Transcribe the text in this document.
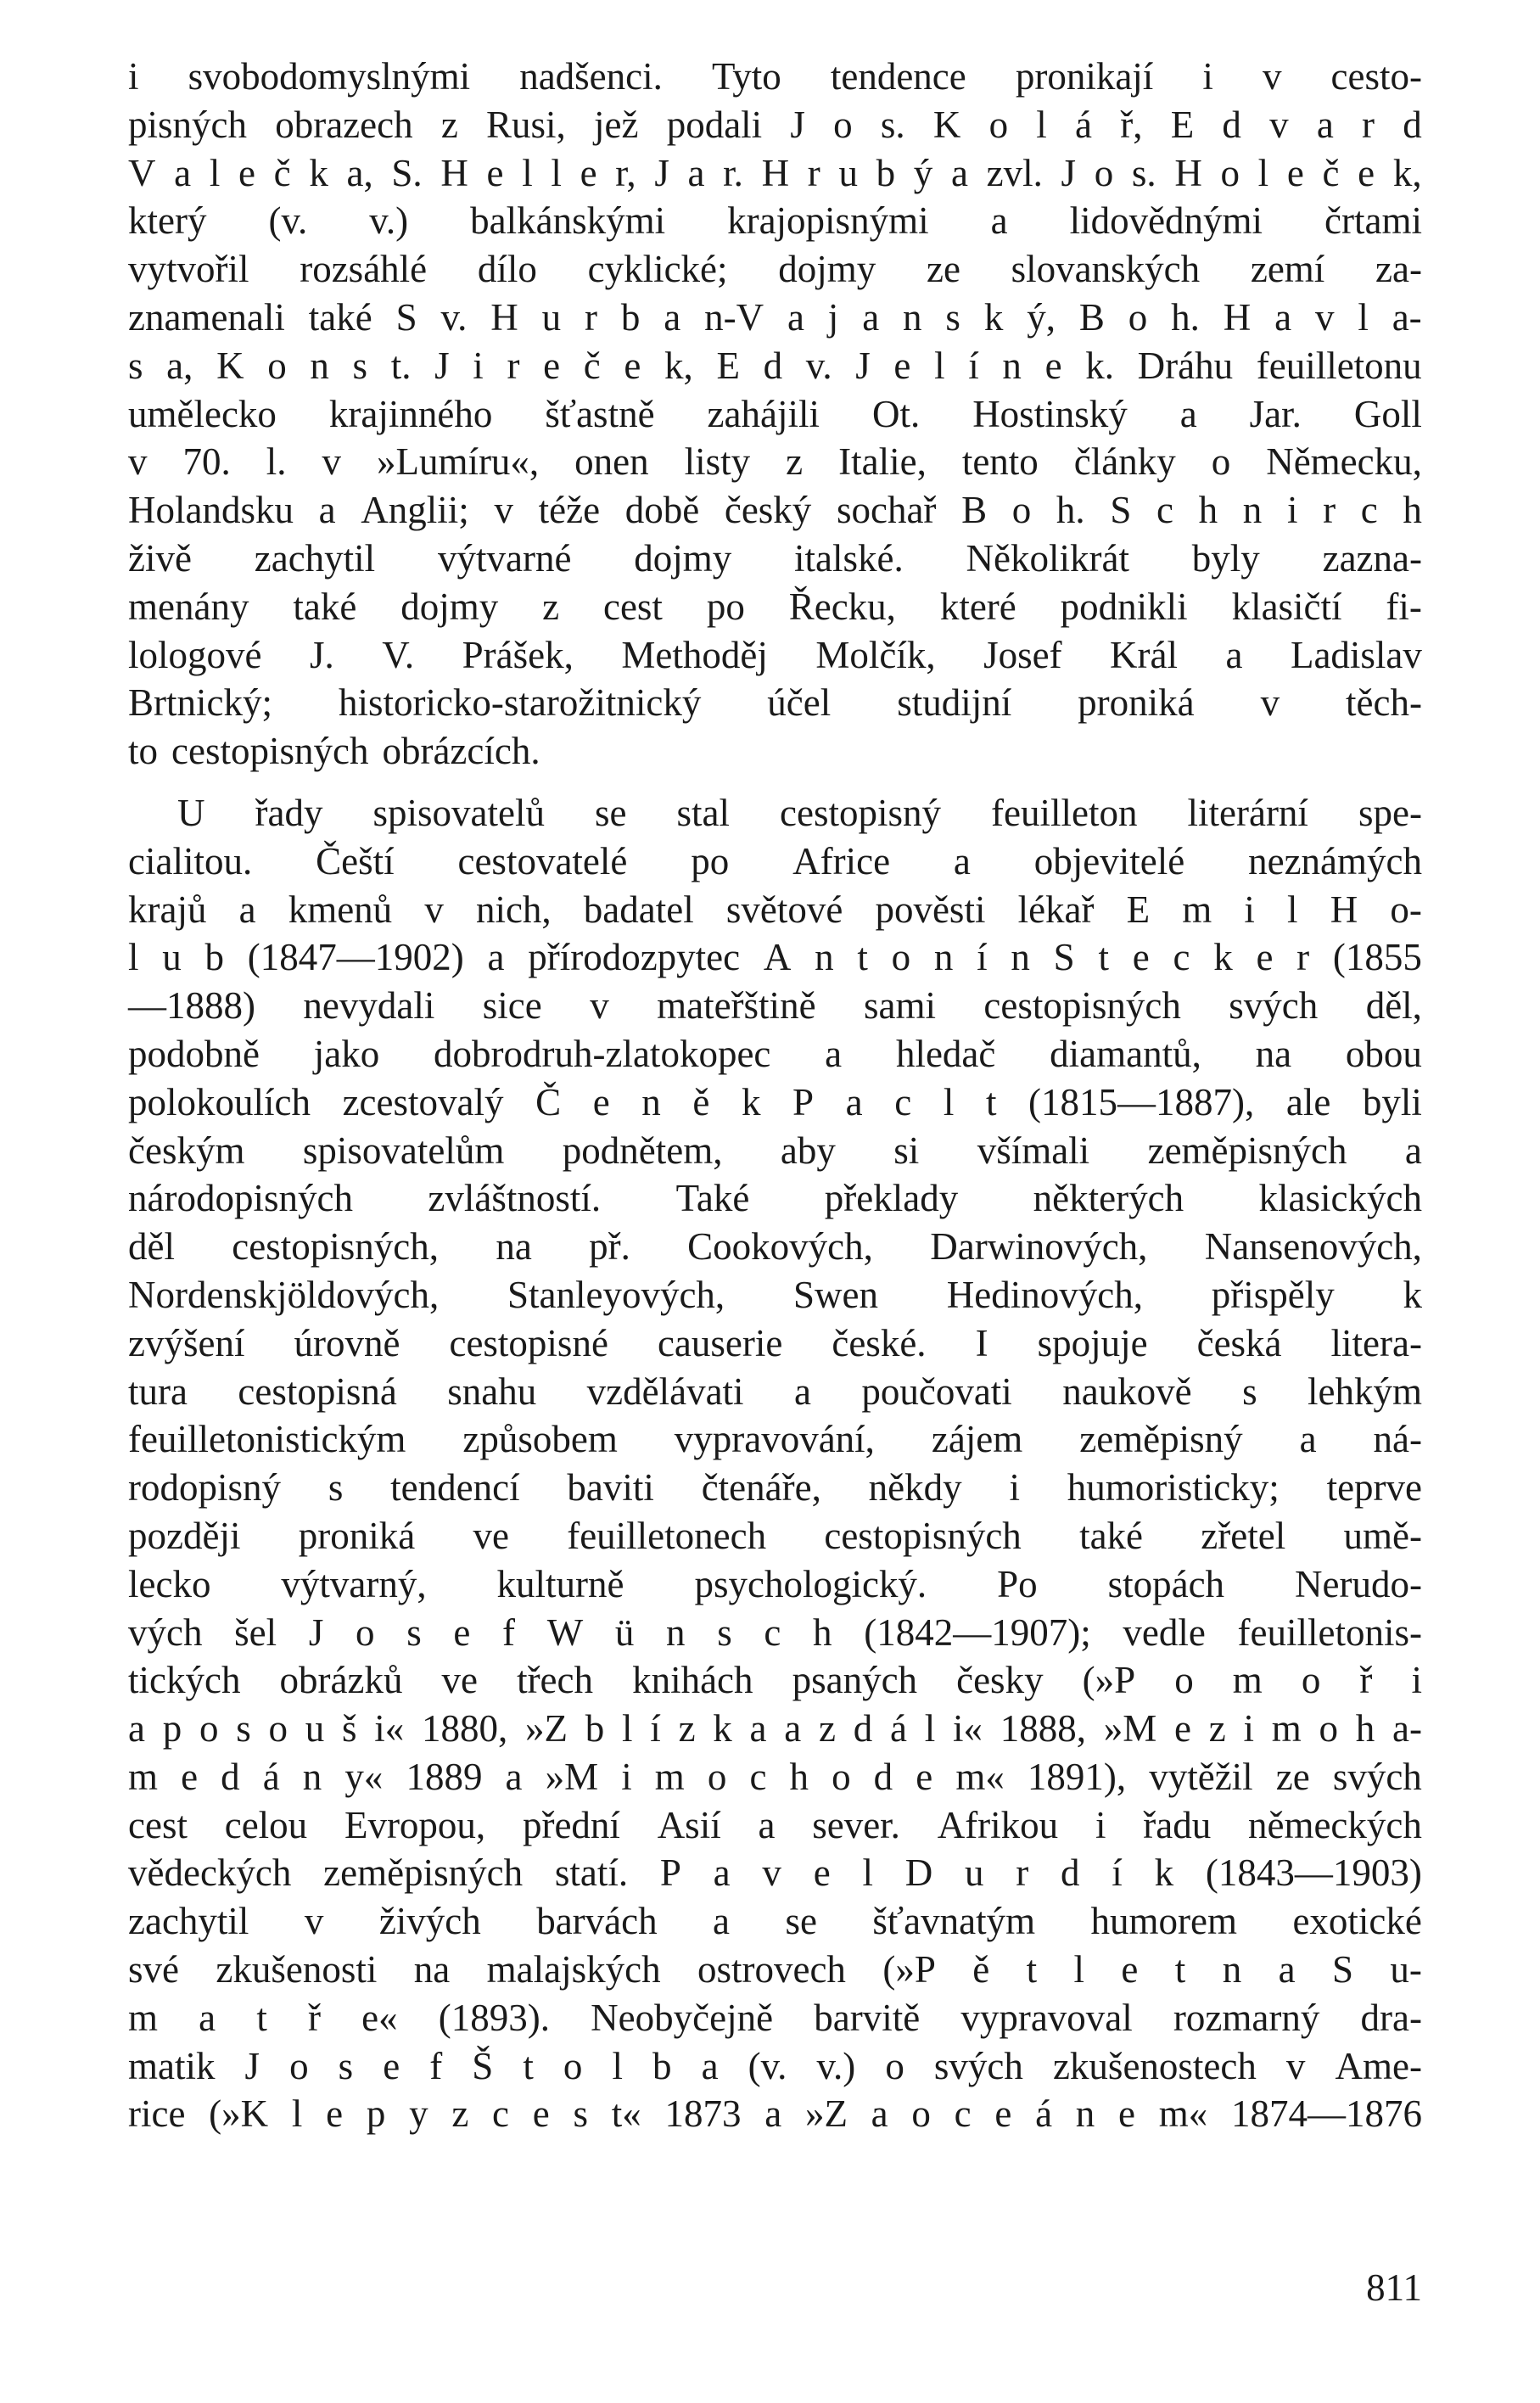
i svobodomyslnými nadšenci. Tyto tendence pronikají i v cesto-
pisných obrazech z Rusi, jež podali J o s. K o l á ř, E d v a r d
V a l e č k a, S. H e l l e r, J a r. H r u b ý a zvl. J o s. H o l e č e k,
který (v. v.) balkánskými krajopisnými a lidovědnými črtami
vytvořil rozsáhlé dílo cyklické; dojmy ze slovanských zemí za-
znamenali také S v. H u r b a n-V a j a n s k ý, B o h. H a v l a-
s a, K o n s t. J i r e č e k, E d v. J e l í n e k. Dráhu feuilletonu
umělecko krajinného šťastně zahájili Ot. Hostinský a Jar. Goll
v 70. l. v »Lumíru«, onen listy z Italie, tento články o Německu,
Holandsku a Anglii; v téže době český sochař B o h. S c h n i r c h
živě zachytil výtvarné dojmy italské. Několikrát byly zazna-
menány také dojmy z cest po Řecku, které podnikli klasičtí fi-
lologové J. V. Prášek, Methoděj Molčík, Josef Král a Ladislav
Brtnický; historicko-starožitnický účel studijní proniká v těch-
to cestopisných obrázcích.
U řady spisovatelů se stal cestopisný feuilleton literární spe-
cialitou. Čeští cestovatelé po Africe a objevitelé neznámých
krajů a kmenů v nich, badatel světové pověsti lékař E m i l H o-
l u b (1847—1902) a přírodozpytec A n t o n í n S t e c k e r (1855
—1888) nevydali sice v mateřštině sami cestopisných svých děl,
podobně jako dobrodruh-zlatokopec a hledač diamantů, na obou
polokoulích zcestovalý Č e n ě k P a c l t (1815—1887), ale byli
českým spisovatelům podnětem, aby si všímali zeměpisných a
národopisných zvláštností. Také překlady některých klasických
děl cestopisných, na př. Cookových, Darwinových, Nansenových,
Nordenskjöldových, Stanleyových, Swen Hedinových, přispěly k
zvýšení úrovně cestopisné causerie české. I spojuje česká litera-
tura cestopisná snahu vzdělávati a poučovati naukově s lehkým
feuilletonistickým způsobem vypravování, zájem zeměpisný a ná-
rodopisný s tendencí baviti čtenáře, někdy i humoristicky; teprve
později proniká ve feuilletonech cestopisných také zřetel umě-
lecko výtvarný, kulturně psychologický. Po stopách Nerudo-
vých šel J o s e f W ü n s c h (1842—1907); vedle feuilletonis-
tických obrázků ve třech knihách psaných česky (»P o m o ř i
a p o s o u š i« 1880, »Z b l í z k a a z d á l i« 1888, »M e z i m o h a-
m e d á n y« 1889 a »M i m o c h o d e m« 1891), vytěžil ze svých
cest celou Evropou, přední Asií a sever. Afrikou i řadu německých
vědeckých zeměpisných statí. P a v e l D u r d í k (1843—1903)
zachytil v živých barvách a se šťavnatým humorem exotické
své zkušenosti na malajských ostrovech (»P ě t l e t n a S u-
m a t ř e« (1893). Neobyčejně barvitě vypravoval rozmarný dra-
matik J o s e f Š t o l b a (v. v.) o svých zkušenostech v Ame-
rice (»K l e p y z c e s t« 1873 a »Z a o c e á n e m« 1874—1876
811
